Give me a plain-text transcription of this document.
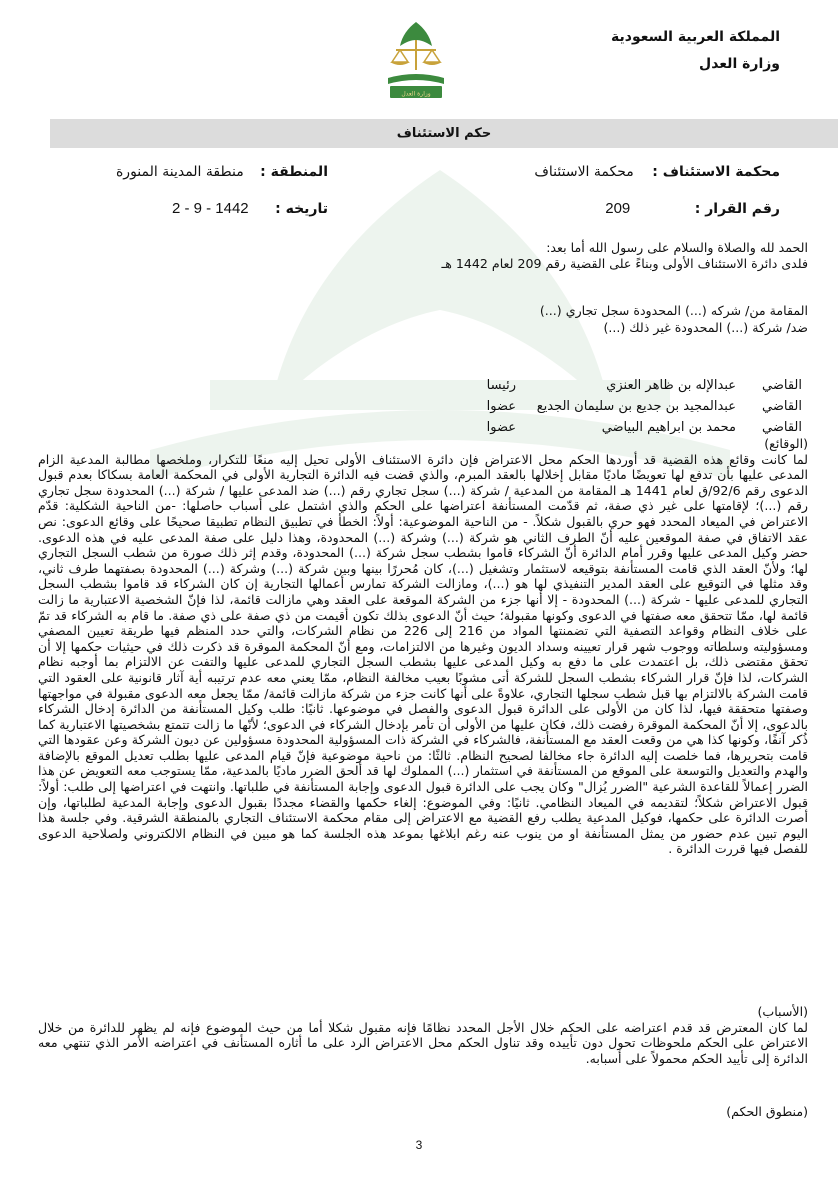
المملكة العربية السعودية
وزارة العدل
وزارة العدل
حكم الاستئناف
محكمة الاستئناف : محكمة الاستئناف
المنطقة : منطقة المدينة المنورة
رقم القرار : 209
تاريخه : 2 - 9 - 1442
الحمد لله والصلاة والسلام على رسول الله أما بعد:
فلدى دائرة الاستئناف الأولى وبناءً على القضية رقم 209 لعام 1442 هـ
المقامة من/ شركه (...) المحدودة سجل تجاري (...)
ضد/ شركة (...) المحدودة غير ذلك (...)
القاضي
عبدالإله بن ظاهر العنزي
رئيسا
القاضي
عبدالمجيد بن جديع بن سليمان الجديع
عضوا
القاضي
محمد بن ابراهيم البياضي
عضوا
(الوقائع)
لما كانت وقائع هذه القضية قد أوردها الحكم محل الاعتراض فإن دائرة الاستئناف الأولى تحيل إليه منعًا للتكرار، وملخصها مطالبة المدعية الزام المدعى عليها بأن تدفع لها تعويضًا ماديًا مقابل إخلالها بالعقد المبرم، والذي قضت فيه الدائرة التجارية الأولى في المحكمة العامة بسكاكا بعدم قبول الدعوى رقم 92/6/ق لعام 1441 هـ المقامة من المدعية / شركة (...) سجل تجاري رقم (...) ضد المدعى عليها / شركة (...) المحدودة سجل تجاري رقم (...)؛ لإقامتها على غير ذي صفة، ثم قدّمت المستأنفة اعتراضها على الحكم والذي اشتمل على أسباب حاصلها: -من الناحية الشكلية: قدّم الاعتراض في الميعاد المحدد فهو حري بالقبول شكلاً. - من الناحية الموضوعية: أولاً: الخطأ في تطبيق النظام تطبيقا صحيحًا على وقائع الدعوى: نص عقد الاتفاق في صفة الموقعين عليه أنّ الطرف الثاني هو شركة (...) وشركة (...) المحدودة، وهذا دليل على صفة المدعى عليه في هذه الدعوى. حضر وكيل المدعى عليها وقرر أمام الدائرة أنّ الشركاء قاموا بشطب سجل شركة (...) المحدودة، وقدم إثر ذلك صورة من شطب السجل التجاري لها؛ ولأنّ العقد الذي قامت المستأنفة بتوقيعه لاستثمار وتشغيل (...)، كان مُحررًا بينها وبين شركة (...) وشركة (...) المحدودة بصفتهما طرف ثاني، وقد مثلها في التوقيع على العقد المدير التنفيذي لها هو (...)، ومازالت الشركة تمارس أعمالها التجارية إن كان الشركاء قد قاموا بشطب السجل التجاري للمدعى عليها - شركة (...) المحدودة - إلا أنها جزء من الشركة الموقعة على العقد وهي مازالت قائمة، لذا فإنّ الشخصية الاعتبارية ما زالت قائمة لها، ممّا تتحقق معه صفتها في الدعوى وكونها مقبولة؛ حيث أنّ الدعوى بذلك تكون أقيمت من ذي صفة على ذي صفة. ما قام به الشركاء قد تمّ على خلاف النظام وقواعد التصفية التي تضمنتها المواد من 216 إلى 226 من نظام الشركات، والتي حدد المنظم فيها طريقة تعيين المصفي ومسؤوليته وسلطاته ووجوب شهر قرار تعيينه وسداد الديون وغيرها من الالتزامات، ومع أنّ المحكمة الموقرة قد ذكرت ذلك في حيثيات حكمها إلا أن تحقق مقتضى ذلك، بل اعتمدت على ما دفع به وكيل المدعى عليها بشطب السجل التجاري للمدعى عليها والتفت عن الالتزام بما أوجبه نظام الشركات، لذا فإنّ قرار الشركاء بشطب السجل للشركة أتى مشوبًا بعيب مخالفة النظام، ممّا يعني معه عدم ترتيبه أية آثار قانونية على العقود التي قامت الشركة بالالتزام بها قبل شطب سجلها التجاري، علاوةً على أنها كانت جزء من شركة مازالت قائمة/ ممّا يجعل معه الدعوى مقبولة في مواجهتها وصفتها متحققة فيها، لذا كان من الأولى على الدائرة قبول الدعوى والفصل في موضوعها. ثانيًا: طلب وكيل المستأنفة من الدائرة إدخال الشركاء بالدعوى، إلا أنّ المحكمة الموقرة رفضت ذلك، فكان عليها من الأولى أن تأمر بإدخال الشركاء في الدعوى؛ لأنّها ما زالت تتمتع بشخصيتها الاعتبارية كما ذُكر آنفًا، وكونها كذا هي من وقعت العقد مع المستأنفة، فالشركاء في الشركة ذات المسؤولية المحدودة مسؤولين عن ديون الشركة وعن عقودها التي قامت بتحريرها، فما خلصت إليه الدائرة جاء مخالفا لصحيح النظام. ثالثًا: من ناحية موضوعية فإنّ قيام المدعى عليها بطلب تعديل الموقع بالإضافة والهدم والتعديل والتوسعة على الموقع من المستأنفة في استثمار (...) المملوك لها قد ألحق الضرر ماديًا بالمدعية، ممّا يستوجب معه التعويض عن هذا الضرر إعمالاً للقاعدة الشرعية "الضرر يُزال" وكان يجب على الدائرة قبول الدعوى وإجابة المستأنفة في طلباتها. وانتهت في اعتراضها إلى طلب: أولاً: قبول الاعتراض شكلاً؛ لتقديمه في الميعاد النظامي. ثانيًا: وفي الموضوع: إلغاء حكمها والقضاء مجددًا بقبول الدعوى وإجابة المدعية لطلباتها، وإن أصرت الدائرة على حكمها، فوكيل المدعية يطلب رفع القضية مع الاعتراض إلى مقام محكمة الاستئناف التجاري بالمنطقة الشرقية. وفي جلسة هذا اليوم تبين عدم حضور من يمثل المستأنفة او من ينوب عنه رغم ابلاغها بموعد هذه الجلسة كما هو مبين في النظام الالكتروني ولصلاحية الدعوى للفصل فيها قررت الدائرة .
(الأسباب)
لما كان المعترض قد قدم اعتراضه على الحكم خلال الأجل المحدد نظامًا فإنه مقبول شكلا أما من حيث الموضوع فإنه لم يظهر للدائرة من خلال الاعتراض على الحكم ملحوظات تحول دون تأييده وقد تناول الحكم محل الاعتراض الرد على ما أثاره المستأنف في اعتراضه الأمر الذي تنتهي معه الدائرة إلى تأييد الحكم محمولاً على أسبابه.
(منطوق الحكم)
3
